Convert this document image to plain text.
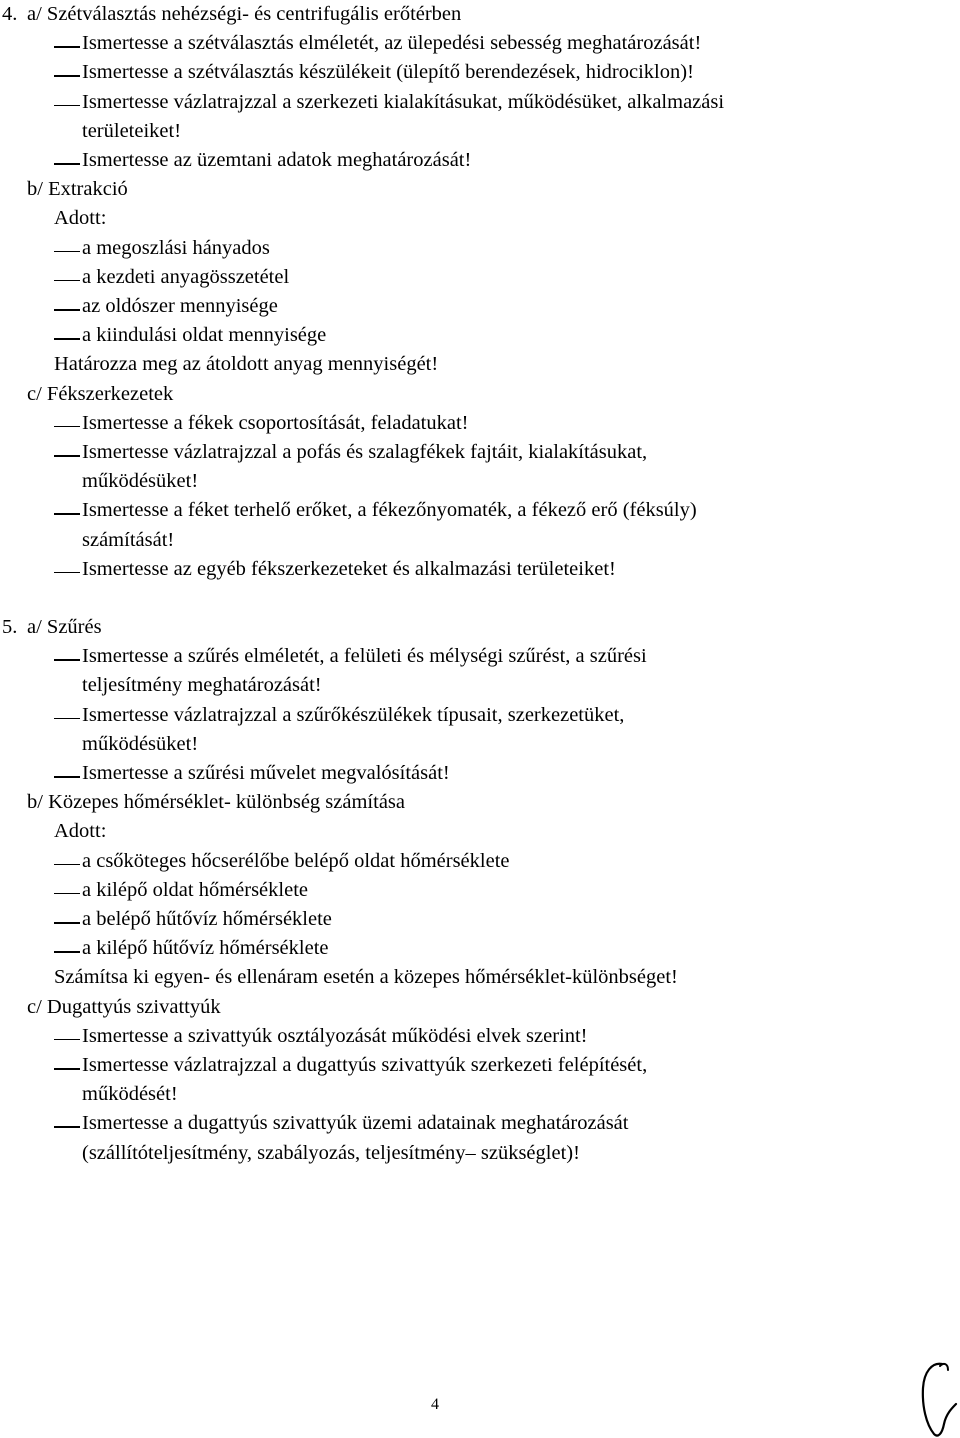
4. a/ Szétválasztás nehézségi- és centrifugális erőtérben
Ismertesse a szétválasztás elméletét, az ülepedési sebesség meghatározását!
Ismertesse a szétválasztás készülékeit (ülepítő berendezések, hidrociklon)!
Ismertesse vázlatrajzzal a szerkezeti kialakításukat, működésüket, alkalmazási
területeiket!
Ismertesse az üzemtani adatok meghatározását!
b/ Extrakció
Adott:
a megoszlási hányados
a kezdeti anyagösszetétel
az oldószer mennyisége
a kiindulási oldat mennyisége
Határozza meg az átoldott anyag mennyiségét!
c/ Fékszerkezetek
Ismertesse a fékek csoportosítását, feladatukat!
Ismertesse vázlatrajzzal a pofás és szalagfékek fajtáit, kialakításukat,
működésüket!
Ismertesse a féket terhelő erőket, a fékezőnyomaték, a fékező erő (féksúly)
számítását!
Ismertesse az egyéb fékszerkezeteket és alkalmazási területeiket!
5. a/ Szűrés
Ismertesse a szűrés elméletét, a felületi és mélységi szűrést, a szűrési
teljesítmény meghatározását!
Ismertesse vázlatrajzzal a szűrőkészülékek típusait, szerkezetüket,
működésüket!
Ismertesse a szűrési művelet megvalósítását!
b/ Közepes hőmérséklet- különbség számítása
Adott:
a csőköteges hőcserélőbe belépő oldat hőmérséklete
a kilépő oldat hőmérséklete
a belépő hűtővíz hőmérséklete
a kilépő hűtővíz hőmérséklete
Számítsa ki egyen- és ellenáram esetén a közepes hőmérséklet-különbséget!
c/ Dugattyús szivattyúk
Ismertesse a szivattyúk osztályozását működési elvek szerint!
Ismertesse vázlatrajzzal a dugattyús szivattyúk szerkezeti felépítését,
működését!
Ismertesse a dugattyús szivattyúk üzemi adatainak meghatározását
(szállítóteljesítmény, szabályozás, teljesítmény– szükséglet)!
4
